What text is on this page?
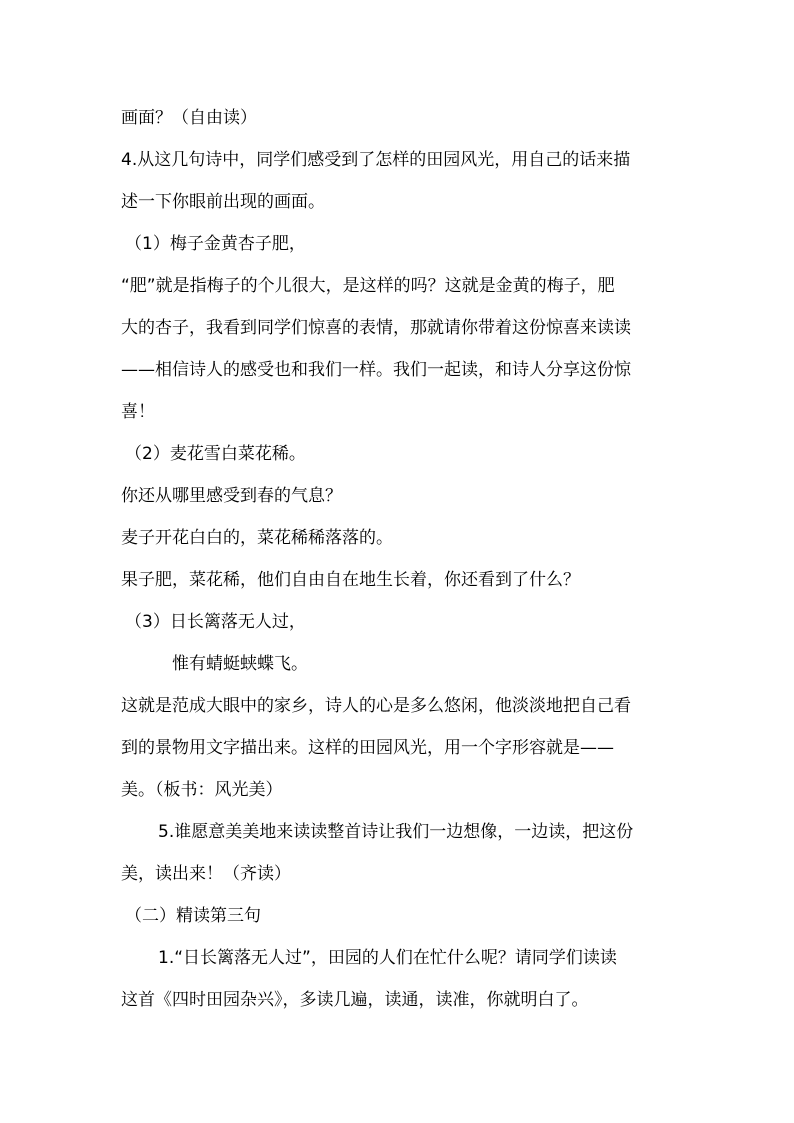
画面？（自由读）
4.从这几句诗中，同学们感受到了怎样的田园风光，用自己的话来描
述一下你眼前出现的画面。
（1）梅子金黄杏子肥，
“肥”就是指梅子的个儿很大，是这样的吗？这就是金黄的梅子，肥
大的杏子，我看到同学们惊喜的表情，那就请你带着这份惊喜来读读
——相信诗人的感受也和我们一样。我们一起读，和诗人分享这份惊
喜！
（2）麦花雪白菜花稀。
你还从哪里感受到春的气息？
麦子开花白白的，菜花稀稀落落的。
果子肥，菜花稀，他们自由自在地生长着，你还看到了什么？
（3）日长篱落无人过，
惟有蜻蜓蛱蝶飞。
这就是范成大眼中的家乡，诗人的心是多么悠闲，他淡淡地把自己看
到的景物用文字描出来。这样的田园风光，用一个字形容就是——
美。（板书：风光美）
5.谁愿意美美地来读读整首诗让我们一边想像，一边读，把这份
美，读出来！（齐读）
（二）精读第三句
1.“日长篱落无人过”，田园的人们在忙什么呢？请同学们读读
这首《四时田园杂兴》，多读几遍，读通，读准，你就明白了。
